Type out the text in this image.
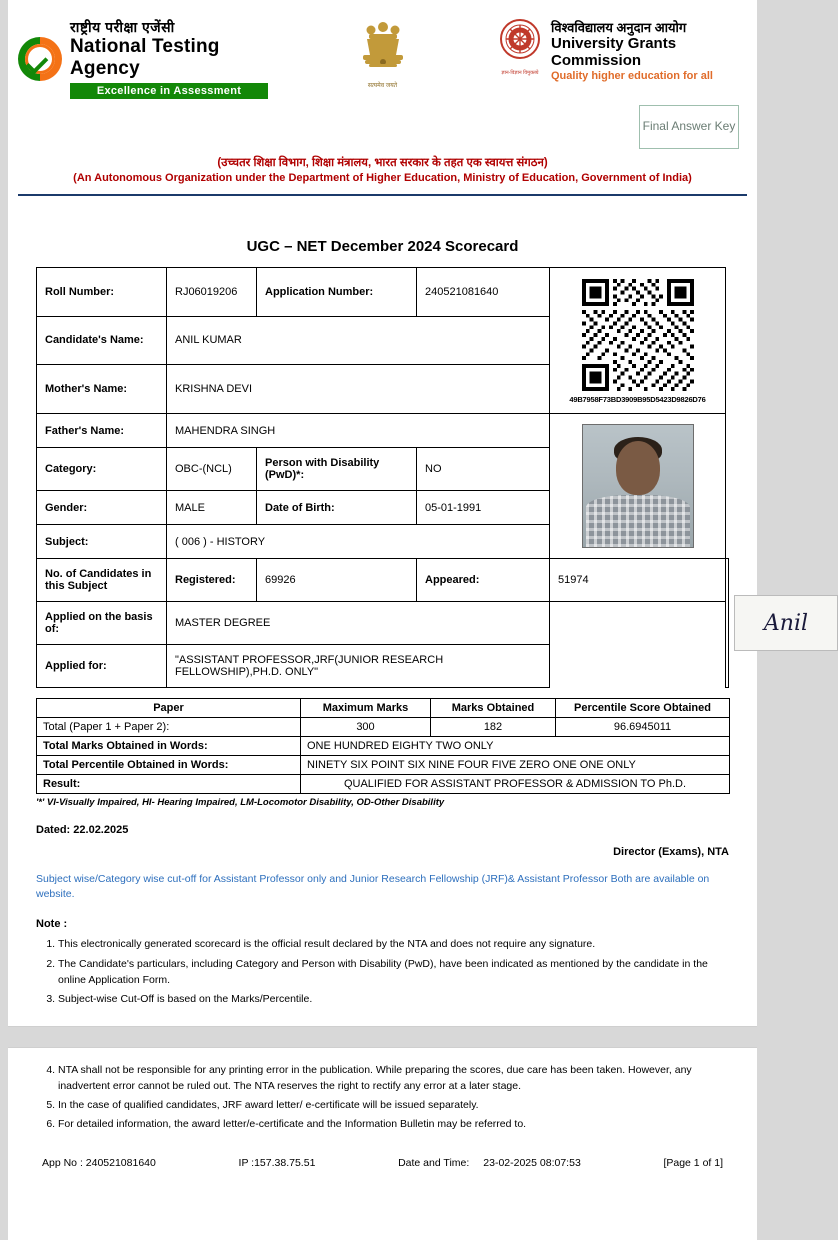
राष्ट्रीय परीक्षा एजेंसी
National Testing Agency
Excellence in Assessment	सत्यमेव जयते
ज्ञान-विज्ञान विमुक्तये
विश्वविद्यालय अनुदान आयोग
University Grants Commission
Quality higher education for all
Final Answer Key
(उच्चतर शिक्षा विभाग, शिक्षा मंत्रालय, भारत सरकार के तहत एक स्वायत्त संगठन)
(An Autonomous Organization under the Department of Higher Education, Ministry of Education, Government of India)
UGC – NET December 2024 Scorecard
Roll Number:	RJ06019206	Application Number:	240521081640	49B7958F73BD3909B95D5423D9826D76	

Candidate's Name:	ANIL KUMAR				
Mother's Name:	KRISHNA DEVI				
Father's Name:	MAHENDRA SINGH				

Category:	OBC-(NCL)	Person with Disability (PwD)*:	NO		
Gender:	MALE	Date of Birth:	05-01-1991		
Subject:	( 006 ) - HISTORY				
No. of Candidates in this Subject	Registered:	69926	Appeared:	51974	Anil

Applied on the basis of:	MASTER DEGREE				
Applied for:	"ASSISTANT PROFESSOR,JRF(JUNIOR RESEARCH FELLOWSHIP),PH.D. ONLY"				
Paper	Maximum Marks	Marks Obtained	Percentile Score Obtained
Total (Paper 1 + Paper 2):	300	182	96.6945011
Total Marks Obtained in Words:	ONE HUNDRED EIGHTY TWO ONLY		
Total Percentile Obtained in Words:	NINETY SIX POINT SIX NINE FOUR FIVE ZERO ONE ONE ONLY		
Result:	QUALIFIED FOR ASSISTANT PROFESSOR & ADMISSION TO Ph.D.		
'*' VI-Visually Impaired, HI- Hearing Impaired, LM-Locomotor Disability, OD-Other Disability
Dated: 22.02.2025
Director (Exams), NTA
Subject wise/Category wise cut-off for Assistant Professor only and Junior Research Fellowship (JRF)& Assistant Professor Both are available on website.
Note :
1. This electronically generated scorecard is the official result declared by the NTA and does not require any signature.
2. The Candidate's particulars, including Category and Person with Disability (PwD), have been indicated as mentioned by the candidate in the online Application Form.
3. Subject-wise Cut-Off is based on the Marks/Percentile.
4. NTA shall not be responsible for any printing error in the publication. While preparing the scores, due care has been taken. However, any inadvertent error cannot be ruled out. The NTA reserves the right to rectify any error at a later stage.
5. In the case of qualified candidates, JRF award letter/ e-certificate will be issued separately.
6. For detailed information, the award letter/e-certificate and the Information Bulletin may be referred to.
App No : 240521081640	IP :157.38.75.51	Date and Time: 23-02-2025 08:07:53	[Page 1 of 1]
